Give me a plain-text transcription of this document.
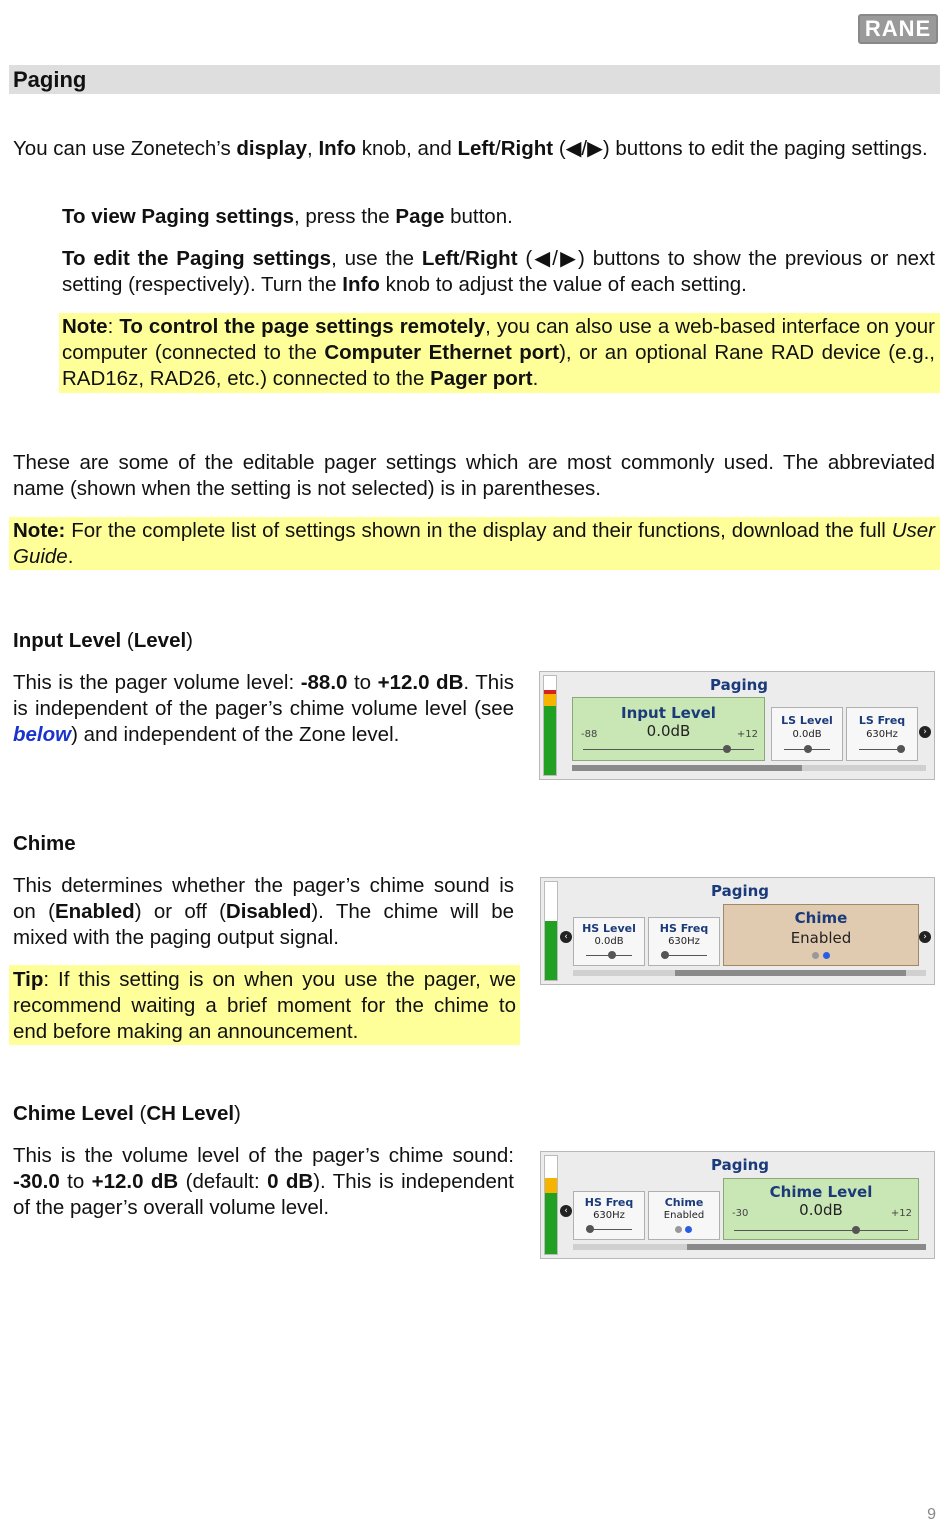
RANE
Paging

You can use Zonetech’s display, Info knob, and Left/Right (◀/▶) buttons to edit the paging settings.

To view Paging settings, press the Page button.

To edit the Paging settings, use the Left/Right (◀/▶) buttons to show the previous or next setting (respectively). Turn the Info knob to adjust the value of each setting.

Note: To control the page settings remotely, you can also use a web-based interface on your computer (connected to the Computer Ethernet port), or an optional Rane RAD device (e.g., RAD16z, RAD26, etc.) connected to the Pager port.

These are some of the editable pager settings which are most commonly used. The abbreviated name (shown when the setting is not selected) is in parentheses.

Note: For the complete list of settings shown in the display and their functions, download the full User Guide.

Input Level (Level)

This is the pager volume level: -88.0 to +12.0 dB. This is independent of the pager’s chime volume level (see below) and independent of the Zone level.

Paging
Input Level
0.0dB
-88	+12
LS Level
0.0dB
LS Freq
630Hz	›

Chime

This determines whether the pager’s chime sound is on (Enabled) or off (Disabled). The chime will be mixed with the paging output signal.

Tip: If this setting is on when you use the pager, we recommend waiting a brief moment for the chime to end before making an announcement.

‹
Paging
HS Level
0.0dB
HS Freq
630Hz
Chime
Enabled	›

Chime Level (CH Level)

This is the volume level of the pager’s chime sound: -30.0 to +12.0 dB (default: 0 dB). This is independent of the pager’s overall volume level.	‹
Paging
HS Freq
630Hz
Chime
Enabled
Chime Level
0.0dB
-30	+12
9
